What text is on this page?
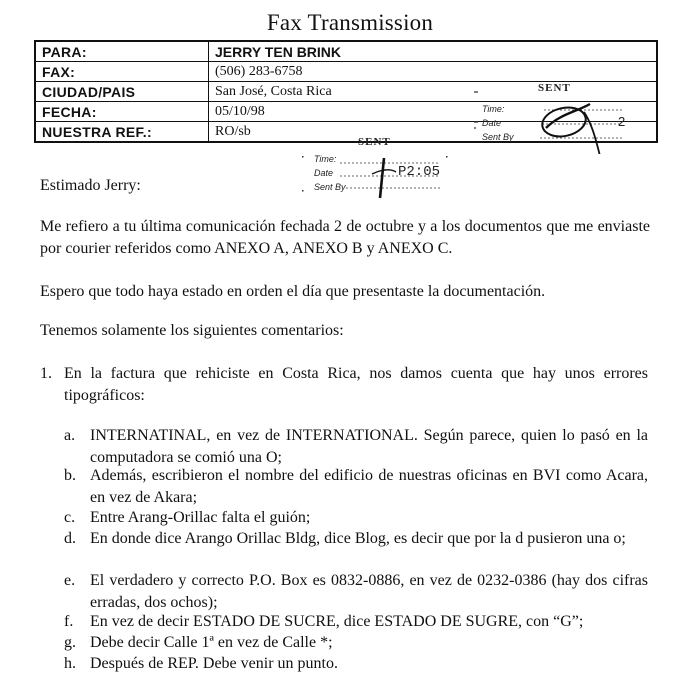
Fax Transmission
PARA:	JERRY TEN BRINK
FAX:	(506) 283-6758
CIUDAD/PAIS	San José, Costa Rica
FECHA:	05/10/98
NUESTRA REF.:	RO/sb
SENT
Time:
Date	2
Sent By
SENT
Time:
Date	P2:05
Sent By
Estimado Jerry:
Me refiero a tu última comunicación fechada 2 de octubre y a los documentos que me enviaste por courier referidos como ANEXO A, ANEXO B y ANEXO C.
Espero que todo haya estado en orden el día que presentaste la documentación.
Tenemos solamente los siguientes comentarios:
1. En la factura que rehiciste en Costa Rica, nos damos cuenta que hay unos errores tipográficos:
a. INTERNATINAL, en vez de INTERNATIONAL. Según parece, quien lo pasó en la computadora se comió una O;
b. Además, escribieron el nombre del edificio de nuestras oficinas en BVI como Acara, en vez de Akara;
c. Entre Arang-Orillac falta el guión;
d. En donde dice Arango Orillac Bldg, dice Blog, es decir que por la d pusieron una o;
e. El verdadero y correcto P.O. Box es 0832-0886, en vez de 0232-0386 (hay dos cifras erradas, dos ochos);
f. En vez de decir ESTADO DE SUCRE, dice ESTADO DE SUGRE, con “G”;
g. Debe decir Calle 1ª en vez de Calle *;
h. Después de REP. Debe venir un punto.
